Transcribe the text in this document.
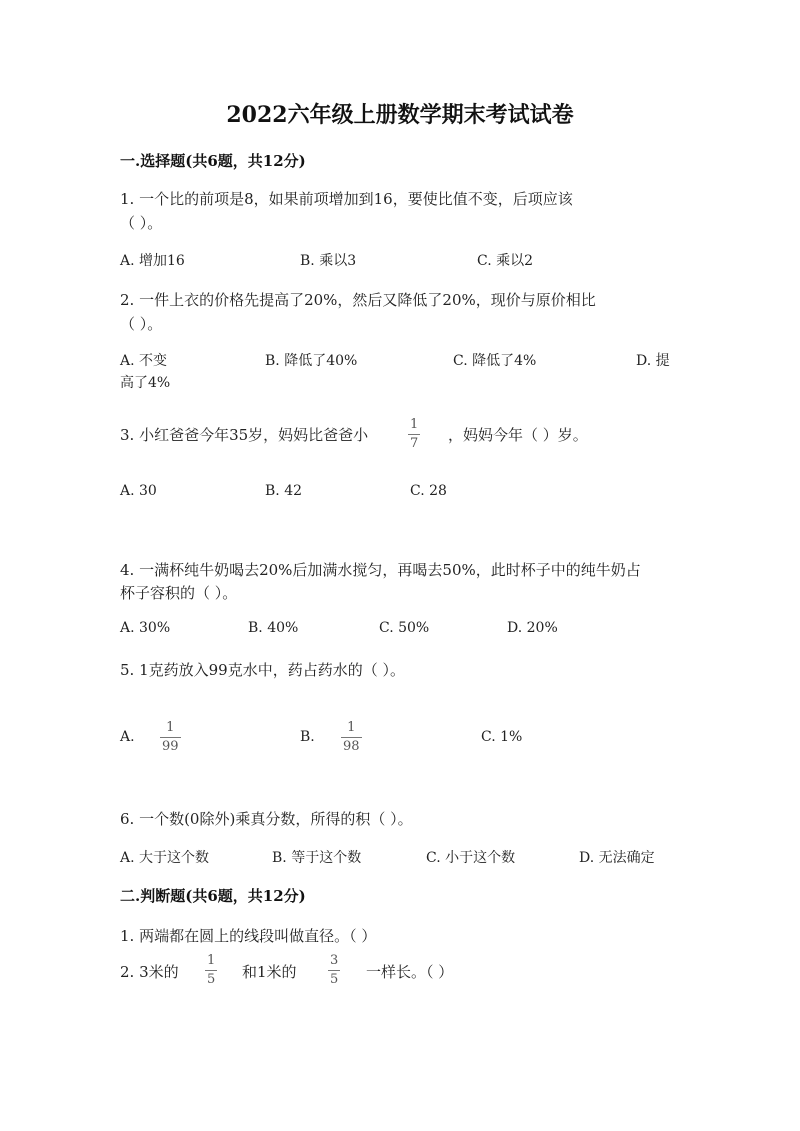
2022六年级上册数学期末考试试卷
一.选择题(共6题，共12分)
1. 一个比的前项是8，如果前项增加到16，要使比值不变，后项应该
（ ）。
A. 增加16	B. 乘以3	C. 乘以2
2. 一件上衣的价格先提高了20%，然后又降低了20%，现价与原价相比
（ ）。
A. 不变	B. 降低了40%	C. 降低了4%	D. 提
高了4%
3. 小红爸爸今年35岁，妈妈比爸爸小
1
7 ，妈妈今年（ ）岁。
A. 30	B. 42	C. 28
4. 一满杯纯牛奶喝去20%后加满水搅匀，再喝去50%，此时杯子中的纯牛奶占
杯子容积的（ ）。
A. 30%	B. 40%	C. 50%	D. 20%
5. 1克药放入99克水中，药占药水的（ ）。
A.
1
99
B.
1
98
C. 1%
6. 一个数(0除外)乘真分数，所得的积（ ）。
A. 大于这个数	B. 等于这个数	C. 小于这个数	D. 无法确定
二.判断题(共6题，共12分)
1. 两端都在圆上的线段叫做直径。（ ）
2. 3米的
1
5 和1米的
3
5 一样长。（ ）
